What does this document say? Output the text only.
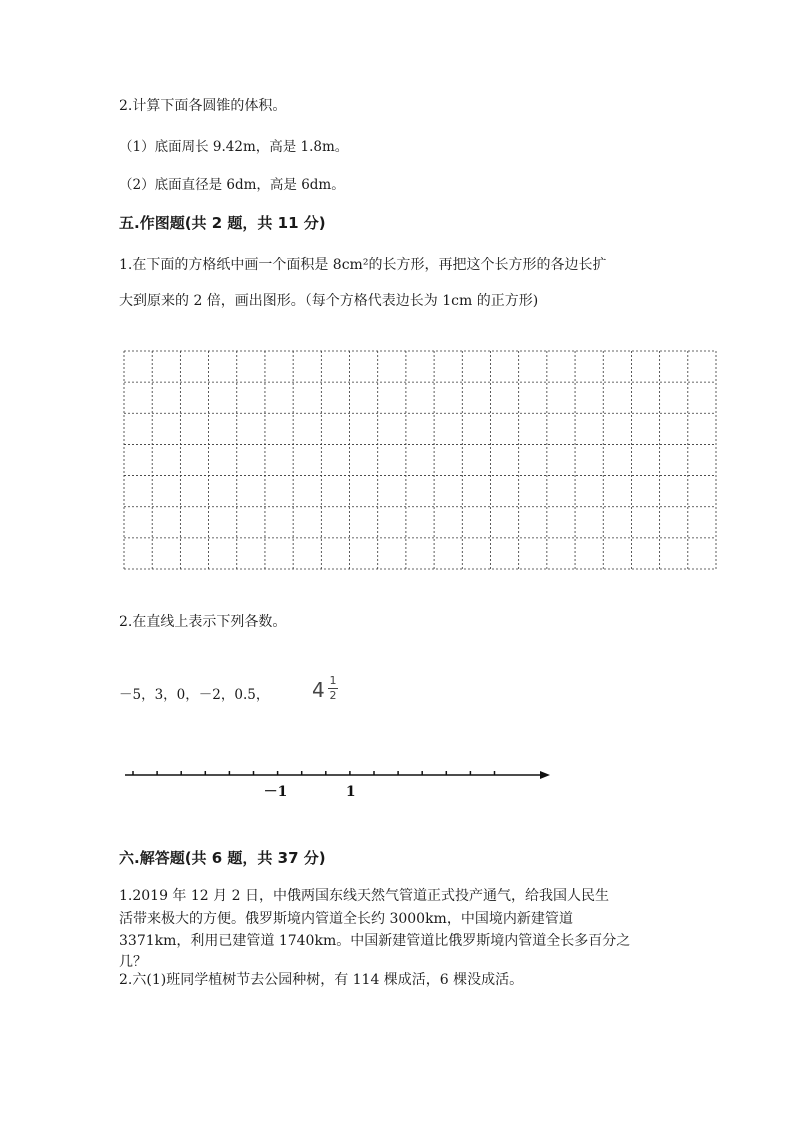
2.计算下面各圆锥的体积。
（1）底面周长 9.42m，高是 1.8m。
（2）底面直径是 6dm，高是 6dm。
五.作图题(共 2 题，共 11 分)
1.在下面的方格纸中画一个面积是 8cm²的长方形，再把这个长方形的各边长扩
大到原来的 2 倍，画出图形。（每个方格代表边长为 1cm 的正方形)
2.在直线上表示下列各数。
－5，3，0，－2，0.5， 4 1
2
－1	1
六.解答题(共 6 题，共 37 分)
1.2019 年 12 月 2 日，中俄两国东线天然气管道正式投产通气，给我国人民生
活带来极大的方便。俄罗斯境内管道全长约 3000km，中国境内新建管道
3371km，利用已建管道 1740km。中国新建管道比俄罗斯境内管道全长多百分之
几？
2.六(1)班同学植树节去公园种树，有 114 棵成活，6 棵没成活。
